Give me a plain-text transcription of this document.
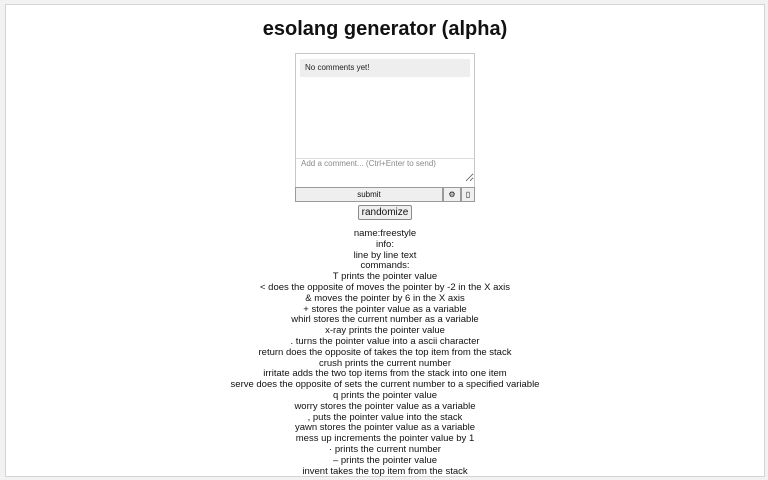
esolang generator (alpha)
No comments yet!
Add a comment... (Ctrl+Enter to send)
submit	⚙	▯
randomize
name:freestyle
info:
line by line text
commands:
T prints the pointer value
< does the opposite of moves the pointer by -2 in the X axis
& moves the pointer by 6 in the X axis
+ stores the pointer value as a variable
whirl stores the current number as a variable
x-ray prints the pointer value
. turns the pointer value into a ascii character
return does the opposite of takes the top item from the stack
crush prints the current number
irritate adds the two top items from the stack into one item
serve does the opposite of sets the current number to a specified variable
q prints the pointer value
worry stores the pointer value as a variable
, puts the pointer value into the stack
yawn stores the pointer value as a variable
mess up increments the pointer value by 1
· prints the current number
– prints the pointer value
invent takes the top item from the stack
